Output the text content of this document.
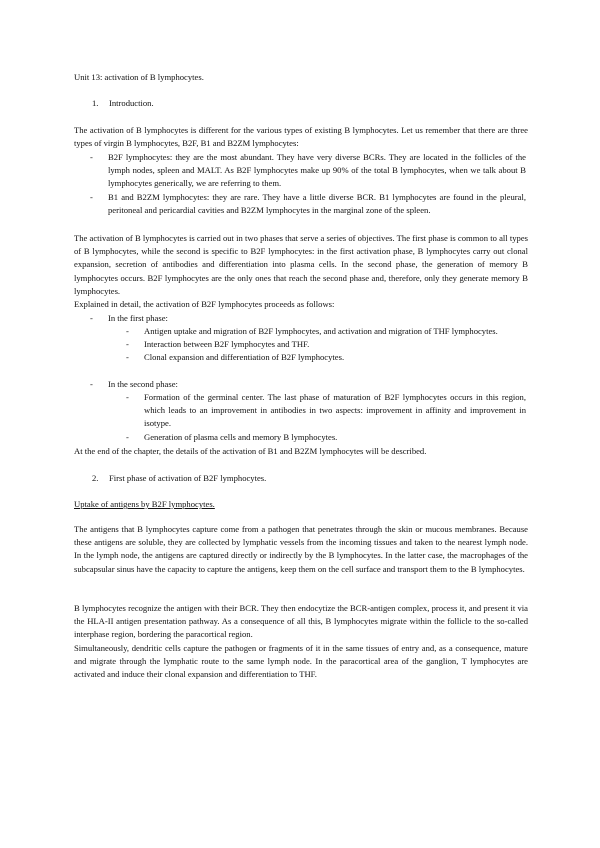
Unit 13: activation of B lymphocytes.
1. Introduction.

The activation of B lymphocytes is different for the various types of existing B lymphocytes. Let us remember that there are three types of virgin B lymphocytes, B2F, B1 and B2ZM lymphocytes:

- B2F lymphocytes: they are the most abundant. They have very diverse BCRs. They are located in the follicles of the lymph nodes, spleen and MALT. As B2F lymphocytes make up 90% of the total B lymphocytes, when we talk about B lymphocytes generically, we are referring to them.
- B1 and B2ZM lymphocytes: they are rare. They have a little diverse BCR. B1 lymphocytes are found in the pleural, peritoneal and pericardial cavities and B2ZM lymphocytes in the marginal zone of the spleen.

The activation of B lymphocytes is carried out in two phases that serve a series of objectives. The first phase is common to all types of B lymphocytes, while the second is specific to B2F lymphocytes: in the first activation phase, B lymphocytes carry out clonal expansion, secretion of antibodies and differentiation into plasma cells. In the second phase, the generation of memory B lymphocytes occurs. B2F lymphocytes are the only ones that reach the second phase and, therefore, only they generate memory B lymphocytes.

Explained in detail, the activation of B2F lymphocytes proceeds as follows:

- In the first phase:
- Antigen uptake and migration of B2F lymphocytes, and activation and migration of THF lymphocytes.
- Interaction between B2F lymphocytes and THF.
- Clonal expansion and differentiation of B2F lymphocytes.
- In the second phase:
- Formation of the germinal center. The last phase of maturation of B2F lymphocytes occurs in this region, which leads to an improvement in antibodies in two aspects: improvement in affinity and improvement in isotype.
- Generation of plasma cells and memory B lymphocytes.

At the end of the chapter, the details of the activation of B1 and B2ZM lymphocytes will be described.

2. First phase of activation of B2F lymphocytes.
Uptake of antigens by B2F lymphocytes.

The antigens that B lymphocytes capture come from a pathogen that penetrates through the skin or mucous membranes. Because these antigens are soluble, they are collected by lymphatic vessels from the incoming tissues and taken to the nearest lymph node. In the lymph node, the antigens are captured directly or indirectly by the B lymphocytes. In the latter case, the macrophages of the subcapsular sinus have the capacity to capture the antigens, keep them on the cell surface and transport them to the B lymphocytes.

B lymphocytes recognize the antigen with their BCR. They then endocytize the BCR-antigen complex, process it, and present it via the HLA-II antigen presentation pathway. As a consequence of all this, B lymphocytes migrate within the follicle to the so-called interphase region, bordering the paracortical region.

Simultaneously, dendritic cells capture the pathogen or fragments of it in the same tissues of entry and, as a consequence, mature and migrate through the lymphatic route to the same lymph node. In the paracortical area of the ganglion, T lymphocytes are activated and induce their clonal expansion and differentiation to THF.
